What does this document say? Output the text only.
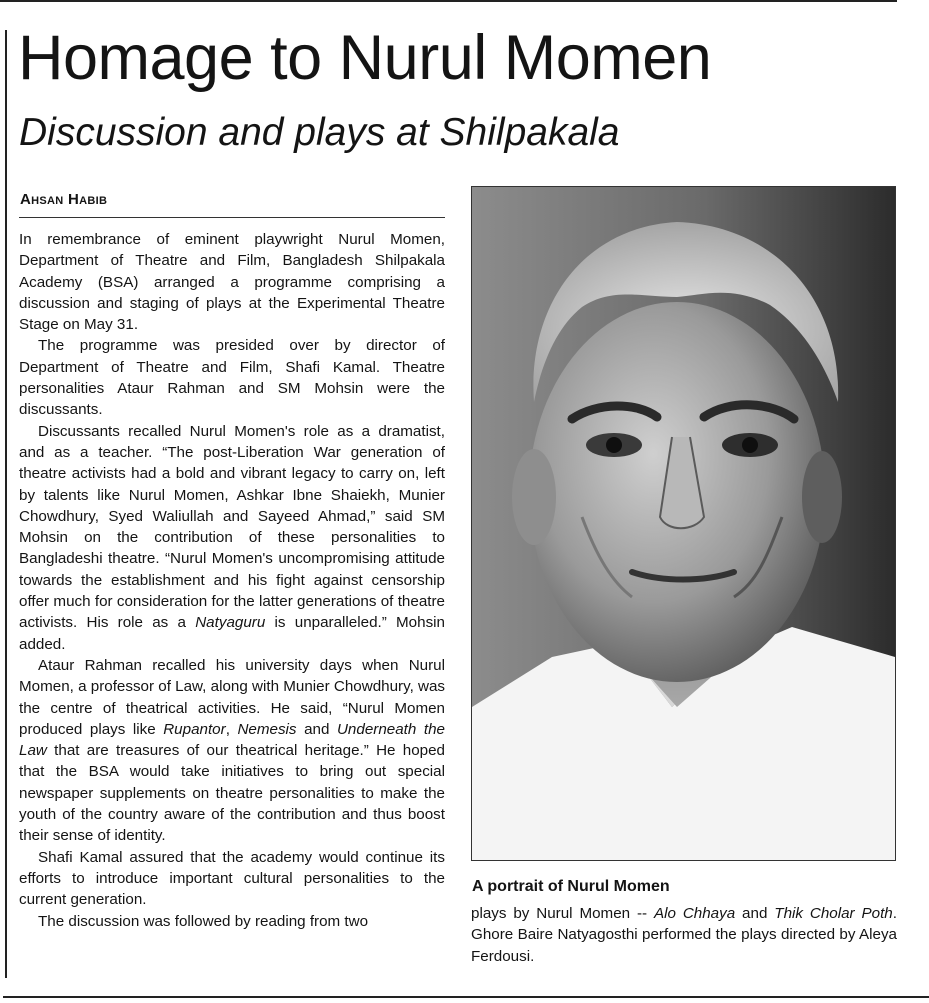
Homage to Nurul Momen
Discussion and plays at Shilpakala
Ahsan Habib

In remembrance of eminent playwright Nurul Momen, Department of Theatre and Film, Bangladesh Shilpakala Academy (BSA) arranged a programme comprising a discussion and staging of plays at the Experimental Theatre Stage on May 31.

The programme was presided over by director of Department of Theatre and Film, Shafi Kamal. Theatre personalities Ataur Rahman and SM Mohsin were the discussants.

Discussants recalled Nurul Momen's role as a dramatist, and as a teacher. “The post-Liberation War generation of theatre activists had a bold and vibrant legacy to carry on, left by talents like Nurul Momen, Ashkar Ibne Shaiekh, Munier Chowdhury, Syed Waliullah and Sayeed Ahmad,” said SM Mohsin on the contribution of these personalities to Bangladeshi theatre. “Nurul Momen's uncompromising attitude towards the establishment and his fight against censorship offer much for consideration for the latter generations of theatre activists. His role as a Natyaguru is unparalleled.” Mohsin added.

Ataur Rahman recalled his university days when Nurul Momen, a professor of Law, along with Munier Chowdhury, was the centre of theatrical activities. He said, “Nurul Momen produced plays like Rupantor, Nemesis and Underneath the Law that are treasures of our theatrical heritage.” He hoped that the BSA would take initiatives to bring out special newspaper supplements on theatre personalities to make the youth of the country aware of the contribution and thus boost their sense of identity.

Shafi Kamal assured that the academy would continue its efforts to introduce important cultural personalities to the current generation.

The discussion was followed by reading from two

A portrait of Nurul Momen

plays by Nurul Momen -- Alo Chhaya and Thik Cholar Poth. Ghore Baire Natyagosthi performed the plays directed by Aleya Ferdousi.
